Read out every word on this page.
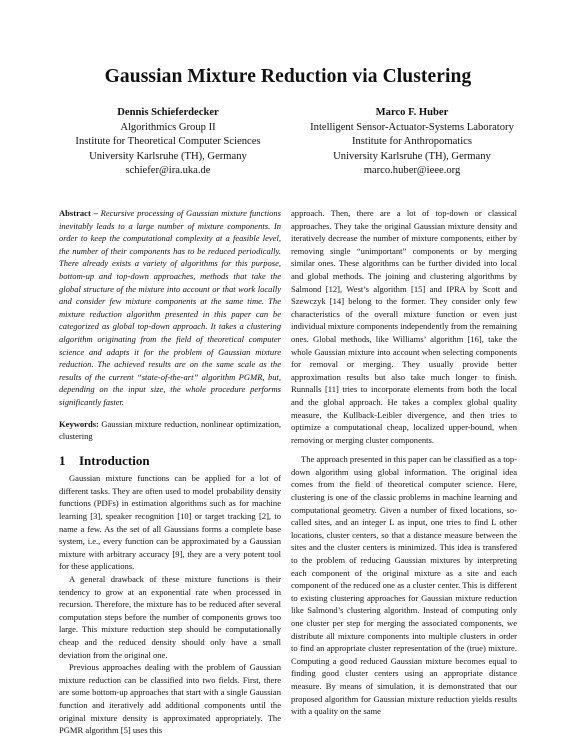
Gaussian Mixture Reduction via Clustering
Dennis Schieferdecker
Algorithmics Group II
Institute for Theoretical Computer Sciences
University Karlsruhe (TH), Germany
schiefer@ira.uka.de
Marco F. Huber
Intelligent Sensor-Actuator-Systems Laboratory
Institute for Anthropomatics
University Karlsruhe (TH), Germany
marco.huber@ieee.org

Abstract – Recursive processing of Gaussian mixture functions inevitably leads to a large number of mixture components. In order to keep the computational complexity at a feasible level, the number of their components has to be reduced periodically. There already exists a variety of algorithms for this purpose, bottom-up and top-down approaches, methods that take the global structure of the mixture into account or that work locally and consider few mixture components at the same time. The mixture reduction algorithm presented in this paper can be categorized as global top-down approach. It takes a clustering algorithm originating from the field of theoretical computer science and adapts it for the problem of Gaussian mixture reduction. The achieved results are on the same scale as the results of the current “state-of-the-art” algorithm PGMR, but, depending on the input size, the whole procedure performs significantly faster.

Keywords: Gaussian mixture reduction, nonlinear optimization, clustering

1 Introduction

Gaussian mixture functions can be applied for a lot of different tasks. They are often used to model probability density functions (PDFs) in estimation algorithms such as for machine learning [3], speaker recognition [10] or target tracking [2], to name a few. As the set of all Gaussians forms a complete base system, i.e., every function can be approximated by a Gaussian mixture with arbitrary accuracy [9], they are a very potent tool for these applications.

A general drawback of these mixture functions is their tendency to grow at an exponential rate when processed in recursion. Therefore, the mixture has to be reduced after several computation steps before the number of components grows too large. This mixture reduction step should be computationally cheap and the reduced density should only have a small deviation from the original one.

Previous approaches dealing with the problem of Gaussian mixture reduction can be classified into two fields. First, there are some bottom-up approaches that start with a single Gaussian function and iteratively add additional components until the original mixture density is approximated appropriately. The PGMR algorithm [5] uses this

approach. Then, there are a lot of top-down or classical approaches. They take the original Gaussian mixture density and iteratively decrease the number of mixture components, either by removing single “unimportant” components or by merging similar ones. These algorithms can be further divided into local and global methods. The joining and clustering algorithms by Salmond [12], West’s algorithm [15] and IPRA by Scott and Szewczyk [14] belong to the former. They consider only few characteristics of the overall mixture function or even just individual mixture components independently from the remaining ones. Global methods, like Williams’ algorithm [16], take the whole Gaussian mixture into account when selecting components for removal or merging. They usually provide better approximation results but also take much longer to finish. Runnalls [11] tries to incorporate elements from both the local and the global approach. He takes a complex global quality measure, the Kullback-Leibler divergence, and then tries to optimize a computational cheap, localized upper-bound, when removing or merging cluster components.

The approach presented in this paper can be classified as a top-down algorithm using global information. The original idea comes from the field of theoretical computer science. Here, clustering is one of the classic problems in machine learning and computational geometry. Given a number of fixed locations, so-called sites, and an integer L as input, one tries to find L other locations, cluster centers, so that a distance measure between the sites and the cluster centers is minimized. This idea is transfered to the problem of reducing Gaussian mixtures by interpreting each component of the original mixture as a site and each component of the reduced one as a cluster center. This is different to existing clustering approaches for Gaussian mixture reduction like Salmond’s clustering algorithm. Instead of computing only one cluster per step for merging the associated components, we distribute all mixture components into multiple clusters in order to find an appropriate cluster representation of the (true) mixture. Computing a good reduced Gaussian mixture becomes equal to finding good cluster centers using an appropriate distance measure. By means of simulation, it is demonstrated that our proposed algorithm for Gaussian mixture reduction yields results with a quality on the same
